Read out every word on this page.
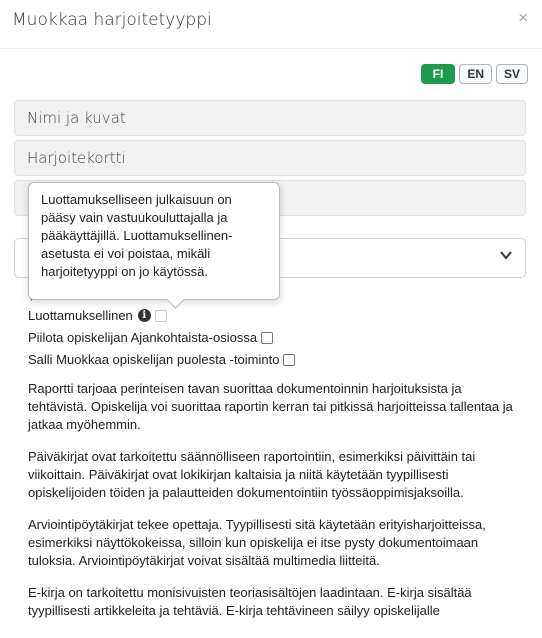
Muokkaa harjoitetyyppi	×
FI	EN	SV
Nimi ja kuvat
Harjoitekortti
Luottamuksellinen i
Piilota opiskelijan Ajankohtaista-osiossa
Salli Muokkaa opiskelijan puolesta -toiminto

Raportti tarjoaa perinteisen tavan suorittaa dokumentoinnin harjoituksista ja tehtävistä. Opiskelija voi suorittaa raportin kerran tai pitkissä harjoitteissa tallentaa ja jatkaa myöhemmin.

Päiväkirjat ovat tarkoitettu säännölliseen raportointiin, esimerkiksi päivittäin tai viikoittain. Päiväkirjat ovat lokikirjan kaltaisia ja niitä käytetään tyypillisesti opiskelijoiden töiden ja palautteiden dokumentointiin työssäoppimisjaksoilla.

Arviointipöytäkirjat tekee opettaja. Tyypillisesti sitä käytetään erityisharjoitteissa, esimerkiksi näyttökokeissa, silloin kun opiskelija ei itse pysty dokumentoimaan tuloksia. Arviointipöytäkirjat voivat sisältää multimedia liitteitä.

E-kirja on tarkoitettu monisivuisten teoriasisältöjen laadintaan. E-kirja sisältää tyypillisesti artikkeleita ja tehtäviä. E-kirja tehtävineen säilyy opiskelijalle

Luottamukselliseen julkaisuun on pääsy vain vastuukouluttajalla ja pääkäyttäjillä. Luottamuksellinen-asetusta ei voi poistaa, mikäli harjoitetyyppi on jo käytössä.
